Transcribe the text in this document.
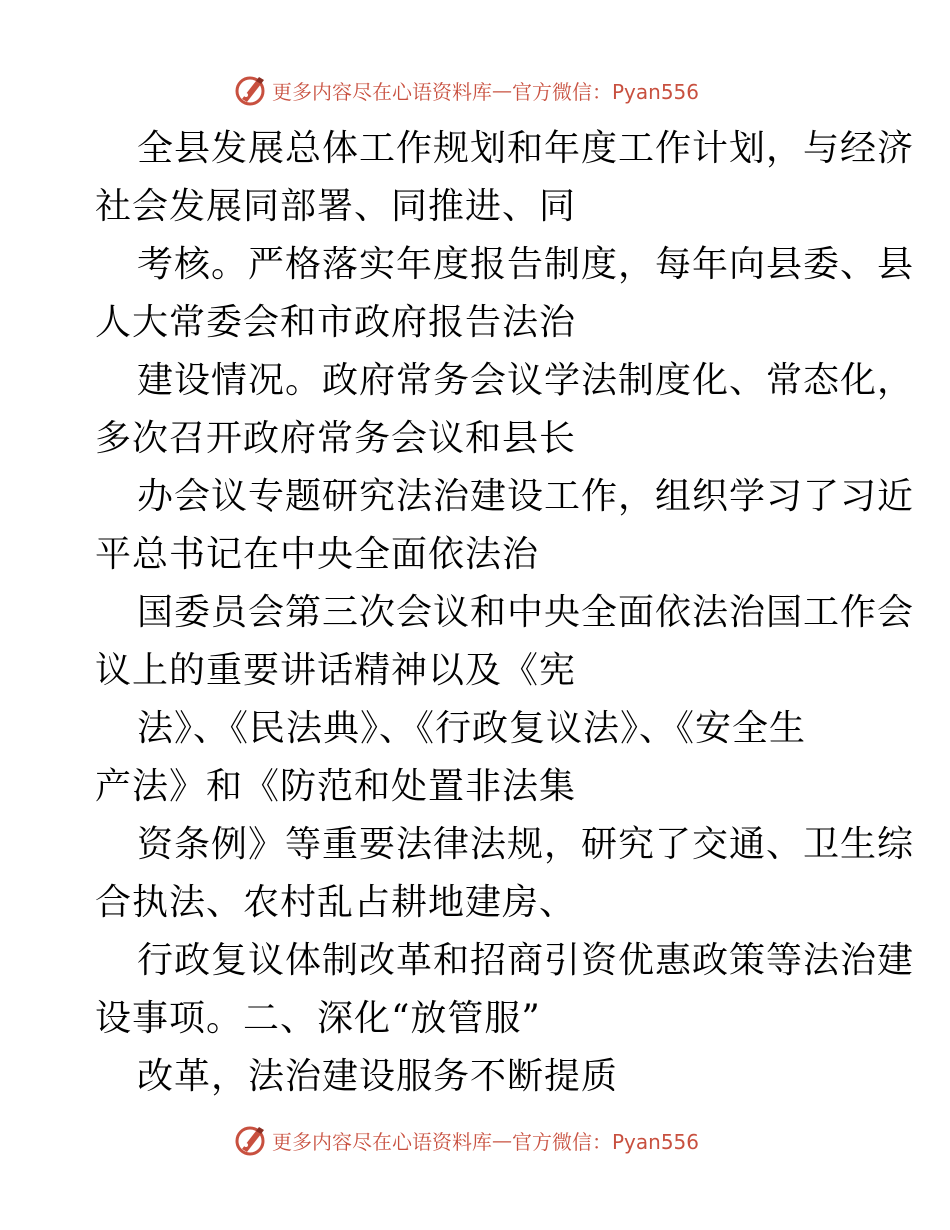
更多内容尽在心语资料库 — 官方微信：Pyan556
全县发展总体工作规划和年度工作计划，与经济
社会发展同部署、同推进、同
考核。严格落实年度报告制度，每年向县委、县
人大常委会和市政府报告法治
建设情况。政府常务会议学法制度化、常态化，
多次召开政府常务会议和县长
办会议专题研究法治建设工作，组织学习了习近
平总书记在中央全面依法治
国委员会第三次会议和中央全面依法治国工作会
议上的重要讲话精神以及《宪
法》、《民法典》、《行政复议法》、《安全生
产法》和《防范和处置非法集
资条例》等重要法律法规，研究了交通、卫生综
合执法、农村乱占耕地建房、
行政复议体制改革和招商引资优惠政策等法治建
设事项。二、深化“放管服”
改革，法治建设服务不断提质
更多内容尽在心语资料库 — 官方微信：Pyan556
